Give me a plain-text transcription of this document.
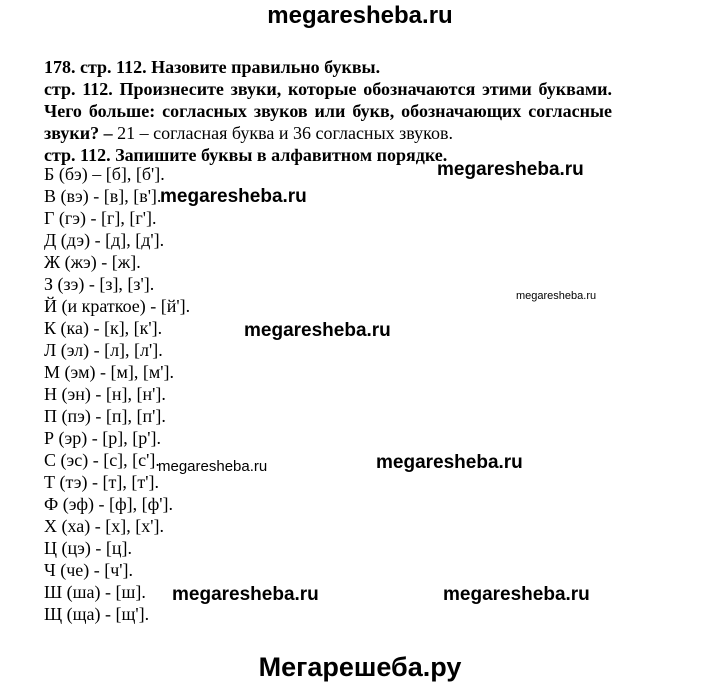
megaresheba.ru
178. стр. 112. Назовите правильно буквы.
стр. 112. Произнесите звуки, которые обозначаются этими буквами. Чего больше: согласных звуков или букв, обозначающих согласные звуки? – 21 – согласная буква и 36 согласных звуков.
стр. 112. Запишите буквы в алфавитном порядке.
Б (бэ) – [б], [б'].
В (вэ) - [в], [в'].
Г (гэ) - [г], [г'].
Д (дэ) - [д], [д'].
Ж (жэ) - [ж].
З (зэ) - [з], [з'].
Й (и краткое) - [й'].
К (ка) - [к], [к'].
Л (эл) - [л], [л'].
М (эм) - [м], [м'].
Н (эн) - [н], [н'].
П (пэ) - [п], [п'].
Р (эр) - [р], [р'].
С (эс) - [с], [с'].
Т (тэ) - [т], [т'].
Ф (эф) - [ф], [ф'].
Х (ха) - [х], [х'].
Ц (цэ) - [ц].
Ч (че) - [ч'].
Ш (ша) - [ш].
Щ (ща) - [щ'].
megaresheba.ru
megaresheba.ru
megaresheba.ru
megaresheba.ru
megaresheba.ru
megaresheba.ru
megaresheba.ru	megaresheba.ru
Мегарешеба.ру
